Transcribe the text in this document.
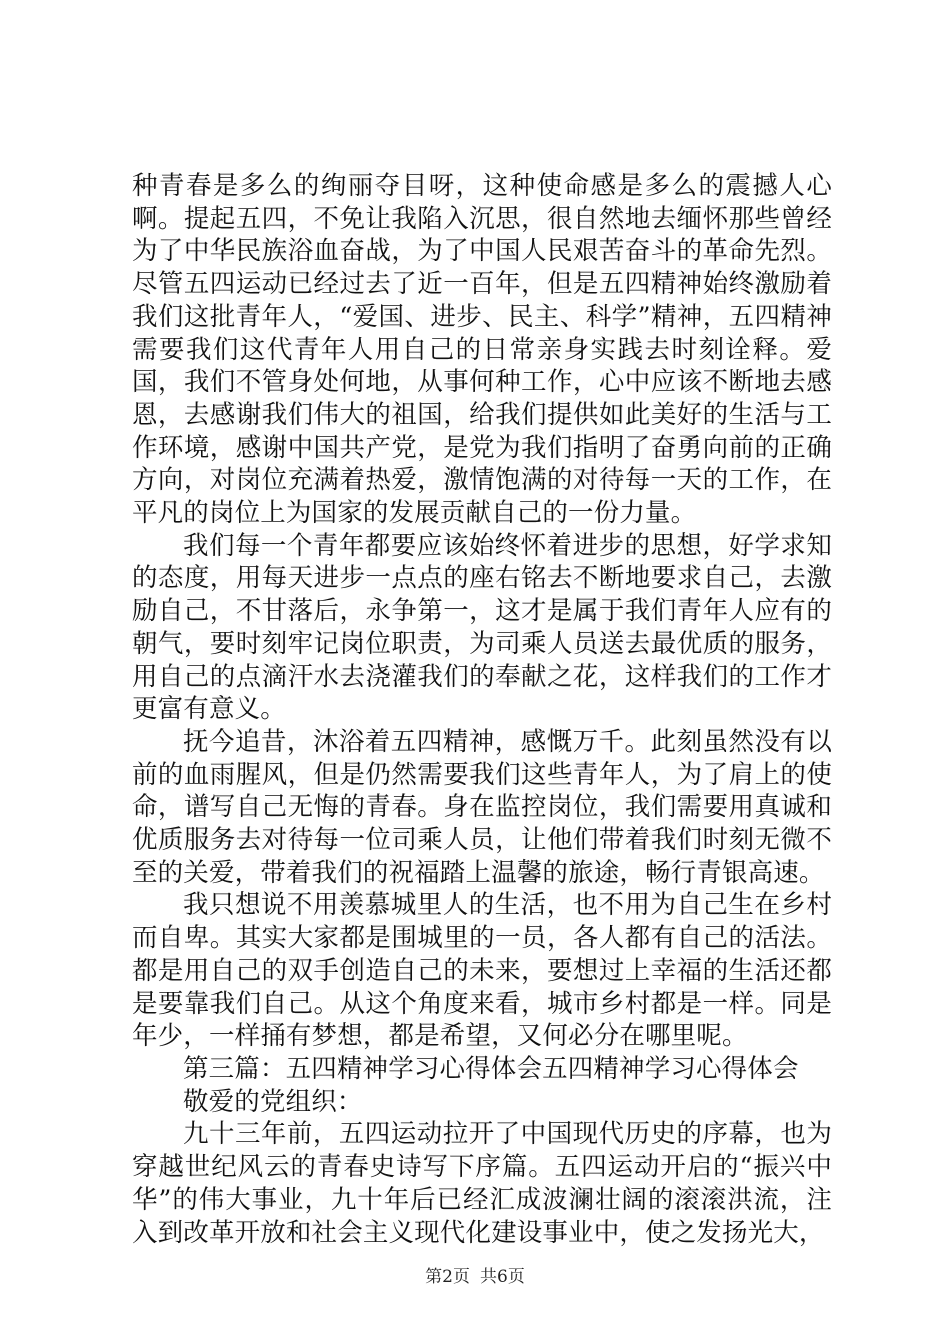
种青春是多么的绚丽夺目呀，这种使命感是多么的震撼人心啊。提起五四，不免让我陷入沉思，很自然地去缅怀那些曾经为了中华民族浴血奋战，为了中国人民艰苦奋斗的革命先烈。尽管五四运动已经过去了近一百年，但是五四精神始终激励着我们这批青年人，“爱国、进步、民主、科学”精神，五四精神需要我们这代青年人用自己的日常亲身实践去时刻诠释。爱国，我们不管身处何地，从事何种工作，心中应该不断地去感恩，去感谢我们伟大的祖国，给我们提供如此美好的生活与工作环境，感谢中国共产党，是党为我们指明了奋勇向前的正确方向，对岗位充满着热爱，激情饱满的对待每一天的工作，在平凡的岗位上为国家的发展贡献自己的一份力量。

我们每一个青年都要应该始终怀着进步的思想，好学求知的态度，用每天进步一点点的座右铭去不断地要求自己，去激励自己，不甘落后，永争第一，这才是属于我们青年人应有的朝气，要时刻牢记岗位职责，为司乘人员送去最优质的服务，用自己的点滴汗水去浇灌我们的奉献之花，这样我们的工作才更富有意义。

抚今追昔，沐浴着五四精神，感慨万千。此刻虽然没有以前的血雨腥风，但是仍然需要我们这些青年人，为了肩上的使命，谱写自己无悔的青春。身在监控岗位，我们需要用真诚和优质服务去对待每一位司乘人员，让他们带着我们时刻无微不至的关爱，带着我们的祝福踏上温馨的旅途，畅行青银高速。

我只想说不用羡慕城里人的生活，也不用为自己生在乡村而自卑。其实大家都是围城里的一员，各人都有自己的活法。都是用自己的双手创造自己的未来，要想过上幸福的生活还都是要靠我们自己。从这个角度来看，城市乡村都是一样。同是年少，一样捅有梦想，都是希望，又何必分在哪里呢。

第三篇：五四精神学习心得体会五四精神学习心得体会

敬爱的党组织：

九十三年前，五四运动拉开了中国现代历史的序幕，也为穿越世纪风云的青春史诗写下序篇。五四运动开启的“振兴中华”的伟大事业，九十年后已经汇成波澜壮阔的滚滚洪流，注入到改革开放和社会主义现代化建设事业中，使之发扬光大，

第2页 共6页
